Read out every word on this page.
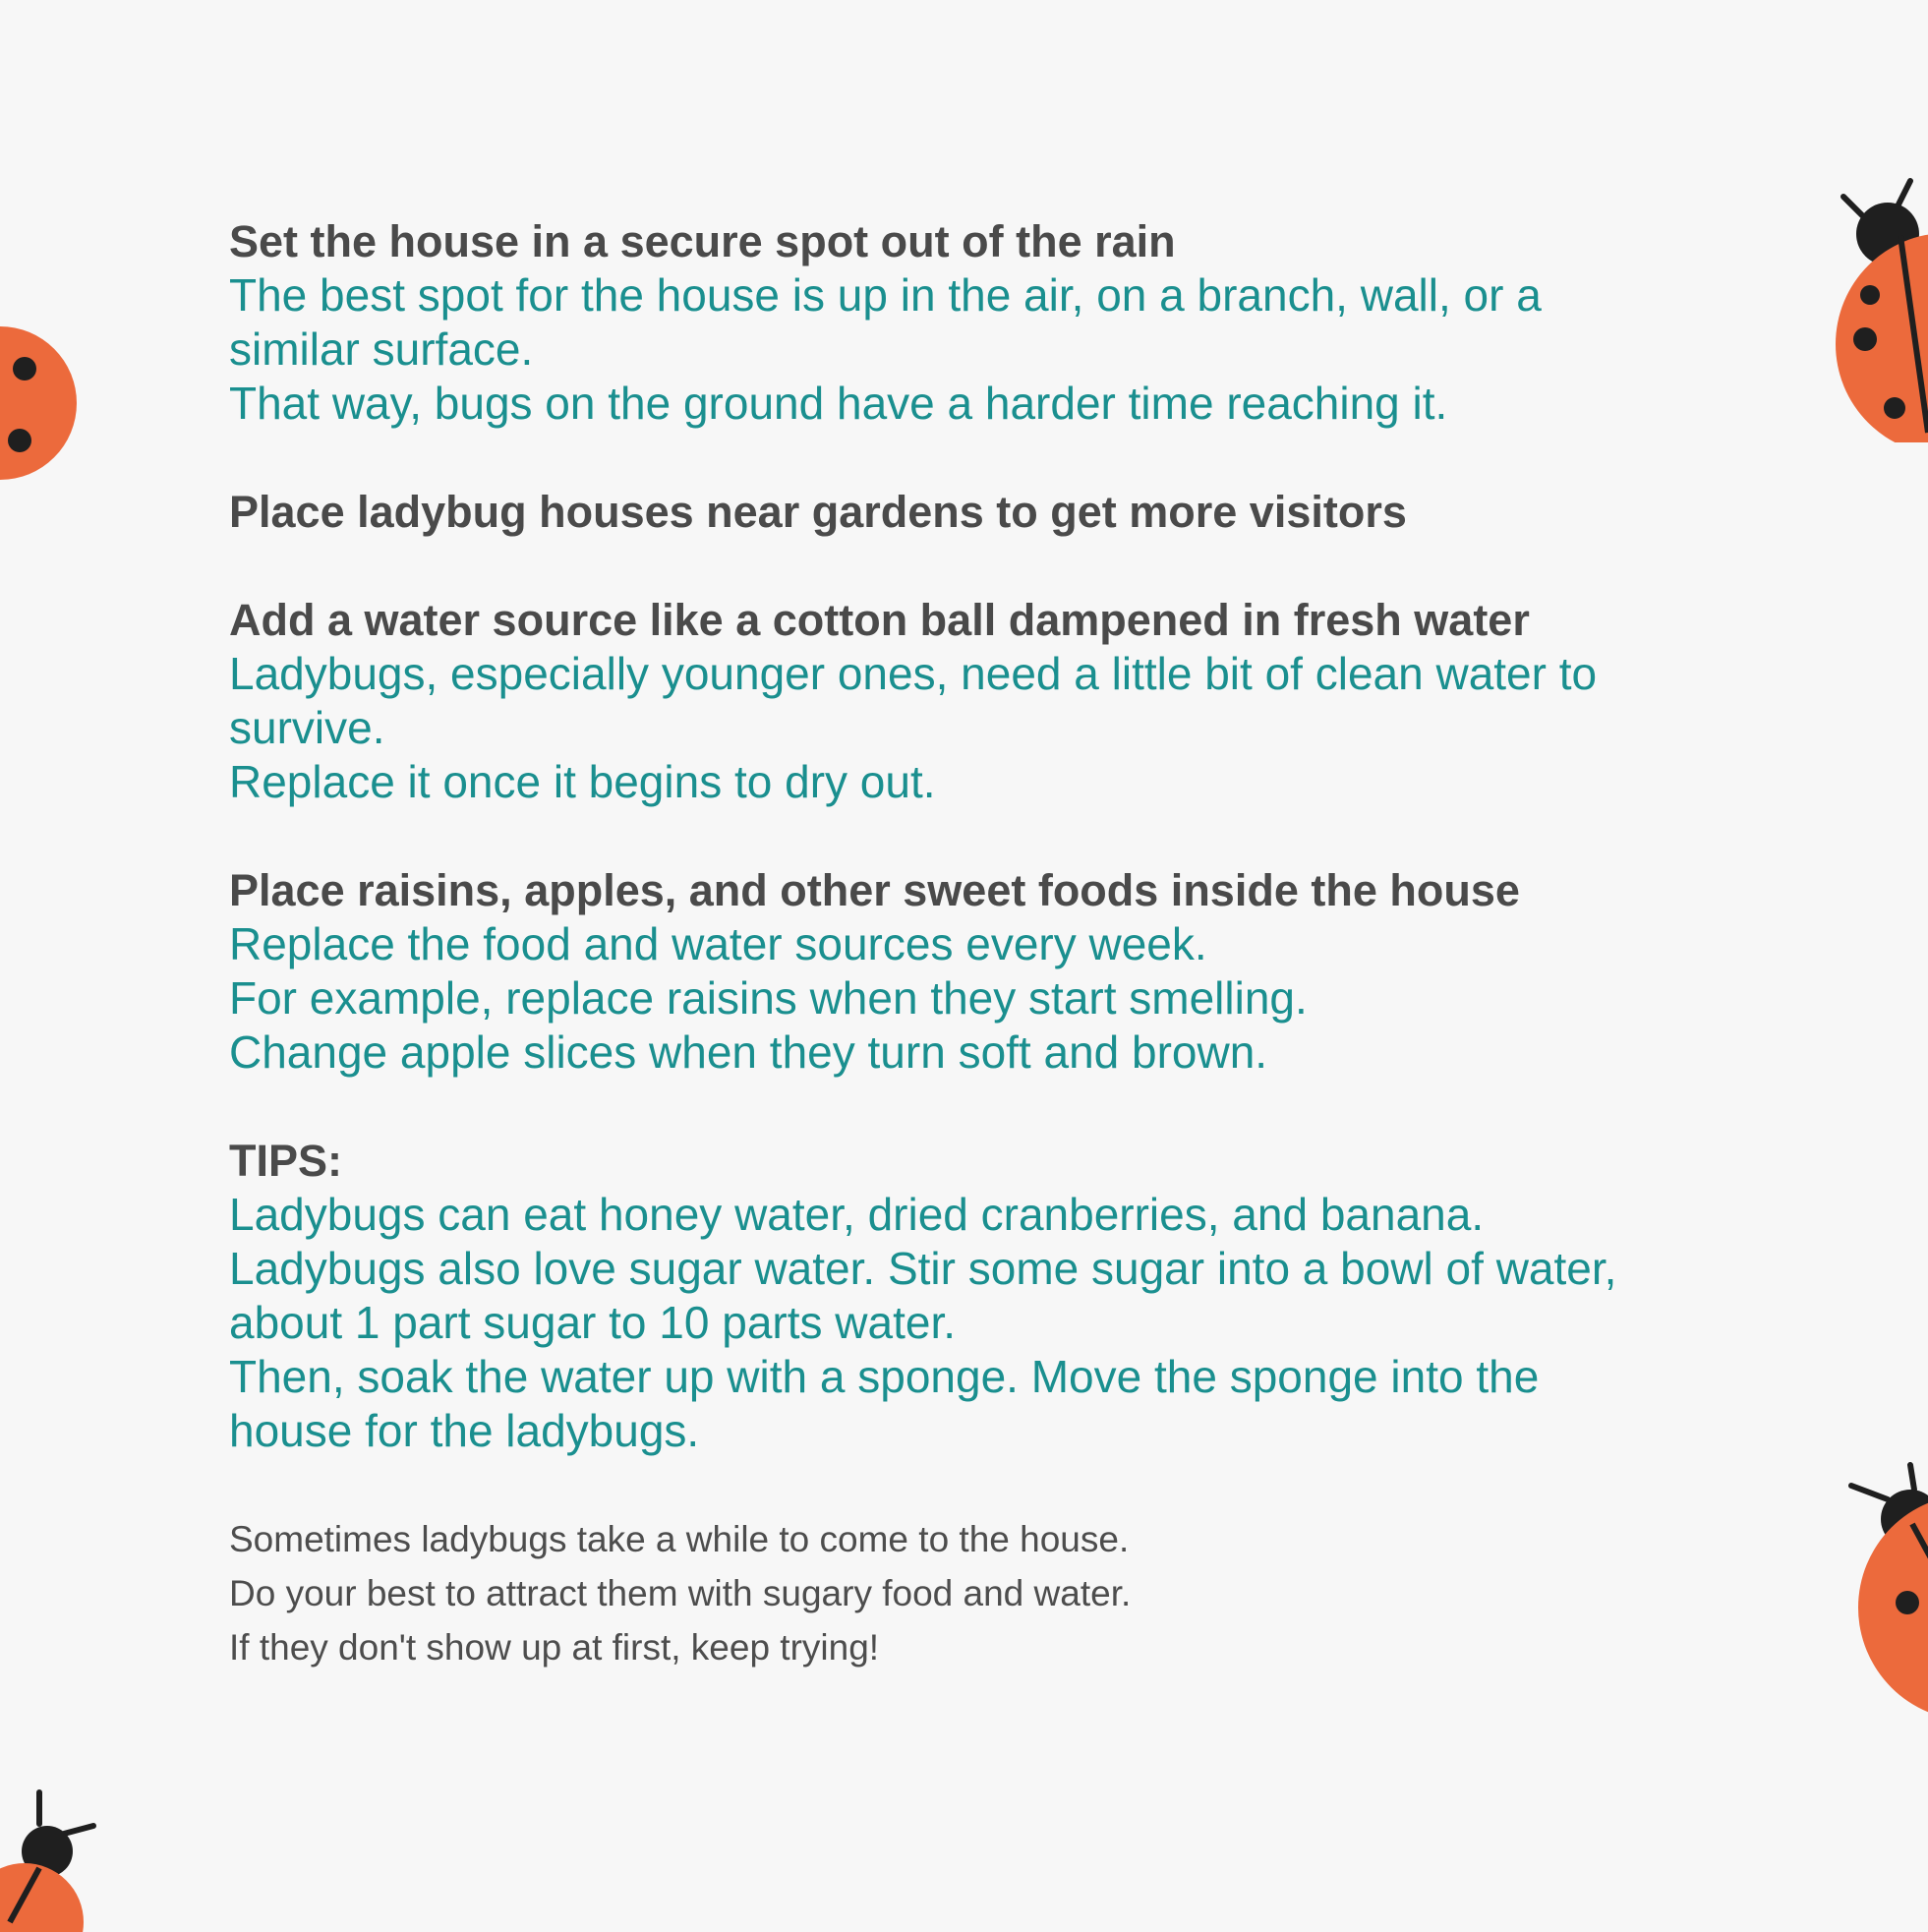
Set the house in a secure spot out of the rain

The best spot for the house is up in the air, on a branch, wall, or a

similar surface.

That way, bugs on the ground have a harder time reaching it.

Place ladybug houses near gardens to get more visitors

Add a water source like a cotton ball dampened in fresh water

Ladybugs, especially younger ones, need a little bit of clean water to

survive.

Replace it once it begins to dry out.

Place raisins, apples, and other sweet foods inside the house

Replace the food and water sources every week.

For example, replace raisins when they start smelling.

Change apple slices when they turn soft and brown.

TIPS:

Ladybugs can eat honey water, dried cranberries, and banana.

Ladybugs also love sugar water. Stir some sugar into a bowl of water,

about 1 part sugar to 10 parts water.

Then, soak the water up with a sponge. Move the sponge into the

house for the ladybugs.

Sometimes ladybugs take a while to come to the house.

Do your best to attract them with sugary food and water.

If they don't show up at first, keep trying!
